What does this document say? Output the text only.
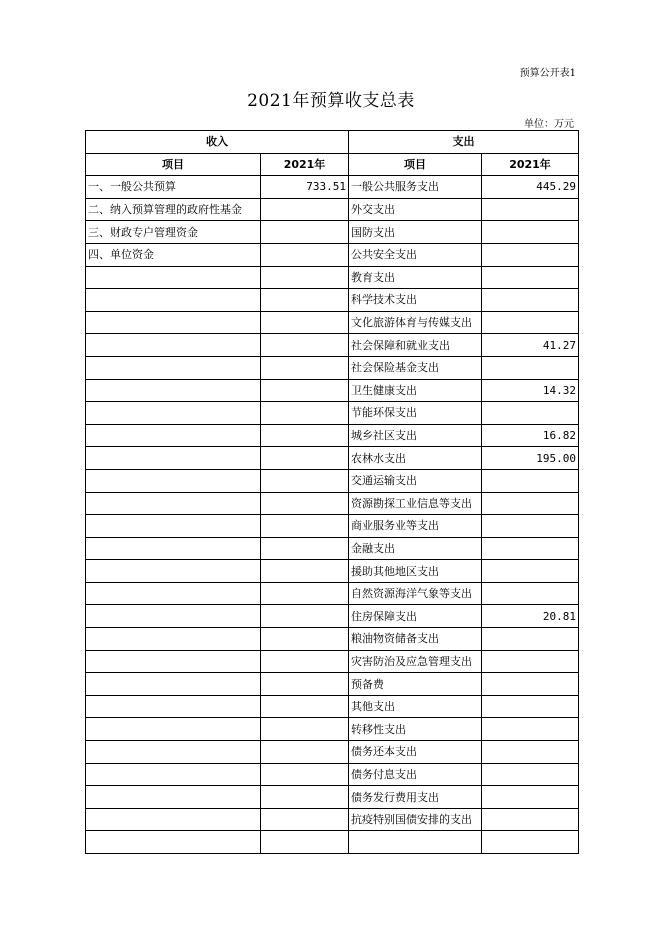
预算公开表1
2021年预算收支总表
单位：万元
收入		支出	
项目	2021年	项目	2021年
一、一般公共预算	733.51	一般公共服务支出	445.29
二、纳入预算管理的政府性基金		外交支出	
三、财政专户管理资金		国防支出	
四、单位资金		公共安全支出	
		教育支出	
		科学技术支出	
		文化旅游体育与传媒支出	
		社会保障和就业支出	41.27
		社会保险基金支出	
		卫生健康支出	14.32
		节能环保支出	
		城乡社区支出	16.82
		农林水支出	195.00
		交通运输支出	
		资源勘探工业信息等支出	
		商业服务业等支出	
		金融支出	
		援助其他地区支出	
		自然资源海洋气象等支出	
		住房保障支出	20.81
		粮油物资储备支出	
		灾害防治及应急管理支出	
		预备费	
		其他支出	
		转移性支出	
		债务还本支出	
		债务付息支出	
		债务发行费用支出	
		抗疫特别国债安排的支出	
